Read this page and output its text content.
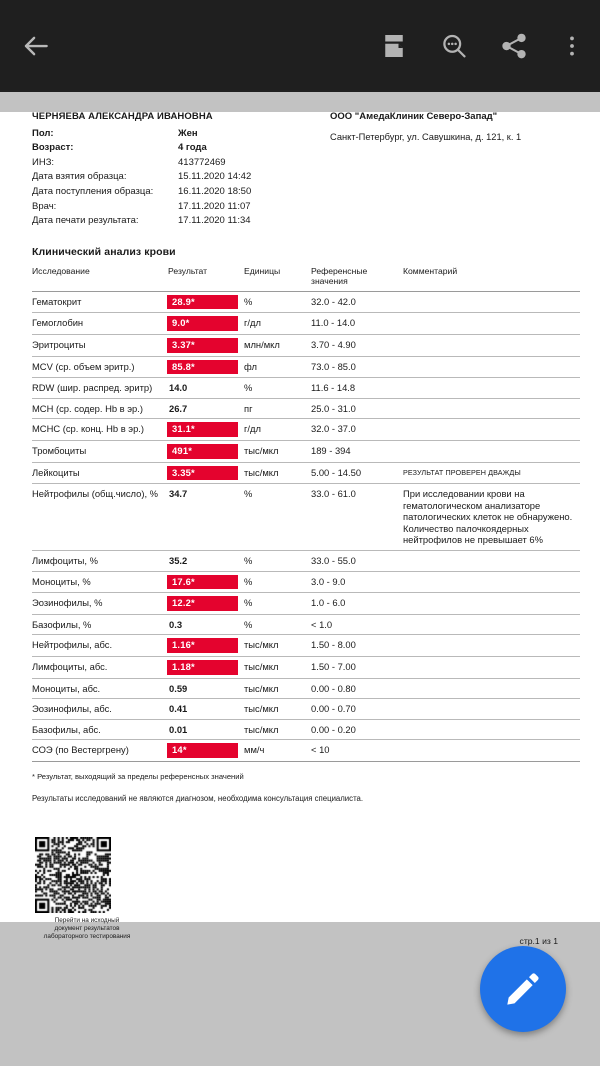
ЧЕРНЯЕВА АЛЕКСАНДРА ИВАНОВНА
Пол:	Жен
Возраст:	4 года
ИНЗ:	413772469
Дата взятия образца:	15.11.2020 14:42
Дата поступления образца:	16.11.2020 18:50
Врач:	17.11.2020 11:07
Дата печати результата:	17.11.2020 11:34
ООО "АмедаКлиник Северо-Запад"
Санкт-Петербург, ул. Савушкина, д. 121, к. 1
Клинический анализ крови
Исследование	Результат	Единицы	Референсные значения	Комментарий
Гематокрит	28.9*	%	32.0 - 42.0	
Гемоглобин	9.0*	г/дл	11.0 - 14.0	
Эритроциты	3.37*	млн/мкл	3.70 - 4.90	
MCV (ср. объем эритр.)	85.8*	фл	73.0 - 85.0	
RDW (шир. распред. эритр)	14.0	%	11.6 - 14.8	
MCH (ср. содер. Hb в эр.)	26.7	пг	25.0 - 31.0	
MCHC (ср. конц. Hb в эр.)	31.1*	г/дл	32.0 - 37.0	
Тромбоциты	491*	тыс/мкл	189 - 394	
Лейкоциты	3.35*	тыс/мкл	5.00 - 14.50	РЕЗУЛЬТАТ ПРОВЕРЕН ДВАЖДЫ
Нейтрофилы (общ.число), %	34.7	%	33.0 - 61.0	При исследовании крови на гематологическом анализаторе патологических клеток не обнаружено. Количество палочкоядерных нейтрофилов не превышает 6%
Лимфоциты, %	35.2	%	33.0 - 55.0	
Моноциты, %	17.6*	%	3.0 - 9.0	
Эозинофилы, %	12.2*	%	1.0 - 6.0	
Базофилы, %	0.3	%	< 1.0	
Нейтрофилы, абс.	1.16*	тыс/мкл	1.50 - 8.00	
Лимфоциты, абс.	1.18*	тыс/мкл	1.50 - 7.00	
Моноциты, абс.	0.59	тыс/мкл	0.00 - 0.80	
Эозинофилы, абс.	0.41	тыс/мкл	0.00 - 0.70	
Базофилы, абс.	0.01	тыс/мкл	0.00 - 0.20	
СОЭ (по Вестергрену)	14*	мм/ч	< 10	
* Результат, выходящий за пределы референсных значений
Результаты исследований не являются диагнозом, необходима консультация специалиста.
Перейти на исходный
документ результатов
лабораторного тестирования	стр.1 из 1
